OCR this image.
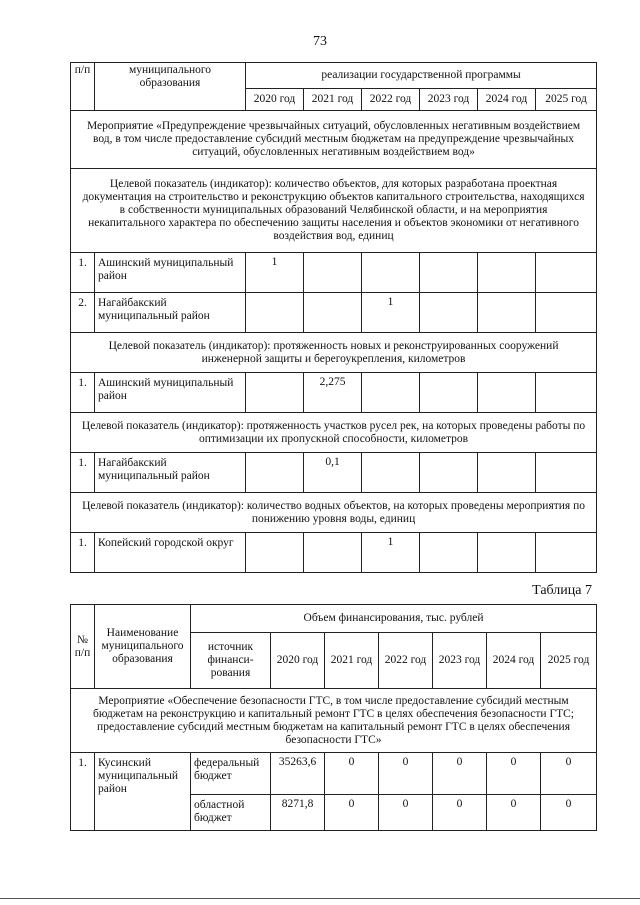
73
п/п	муниципального образования	реализации государственной программы					
		2020 год	2021 год	2022 год	2023 год	2024 год	2025 год
Мероприятие «Предупреждение чрезвычайных ситуаций, обусловленных негативным воздействием вод, в том числе предоставление субсидий местным бюджетам на предупреждение чрезвычайных ситуаций, обусловленных негативным воздействием вод»							
Целевой показатель (индикатор): количество объектов, для которых разработана проектная документация на строительство и реконструкцию объектов капитального строительства, находящихся в собственности муниципальных образований Челябинской области, и на мероприятия некапитального характера по обеспечению защиты населения и объектов экономики от негативного воздействия вод, единиц							
1.	Ашинский муниципальный район	1					
2.	Нагайбакский муниципальный район			1			
Целевой показатель (индикатор): протяженность новых и реконструированных сооружений инженерной защиты и берегоукрепления, километров							
1.	Ашинский муниципальный район		2,275				
Целевой показатель (индикатор): протяженность участков русел рек, на которых проведены работы по оптимизации их пропускной способности, километров							
1.	Нагайбакский муниципальный район		0,1				
Целевой показатель (индикатор): количество водных объектов, на которых проведены мероприятия по понижению уровня воды, единиц							
1.	Копейский городской округ			1			
Таблица 7
№ п/п	Наименование муниципального образования	Объем финансирования, тыс. рублей						
		источник финанси-рования	2020 год	2021 год	2022 год	2023 год	2024 год	2025 год
Мероприятие «Обеспечение безопасности ГТС, в том числе предоставление субсидий местным бюджетам на реконструкцию и капитальный ремонт ГТС в целях обеспечения безопасности ГТС; предоставление субсидий местным бюджетам на капитальный ремонт ГТС в целях обеспечения безопасности ГТС»								
1.	Кусинский муниципальный район	федеральный бюджет	35263,6	0	0	0	0	0
		областной бюджет	8271,8	0	0	0	0	0
